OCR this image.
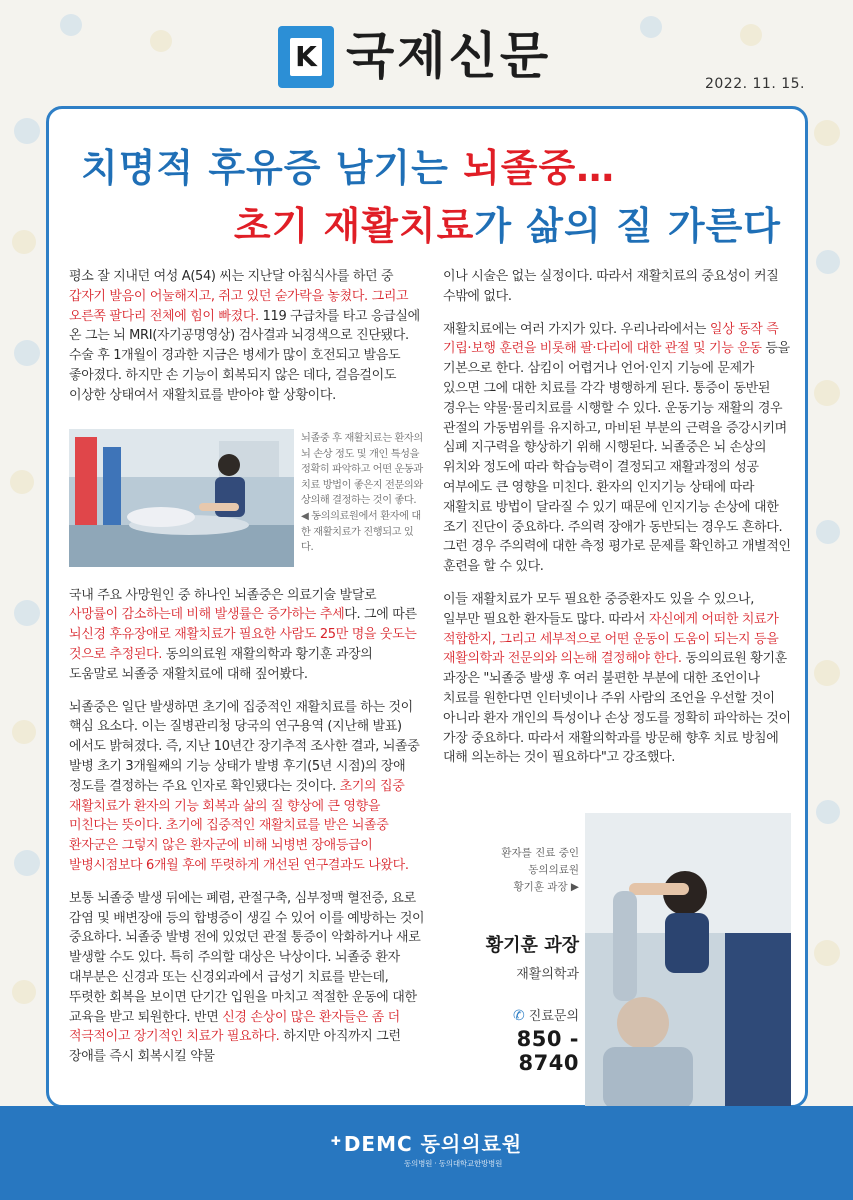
K 국제신문	2022. 11. 15.
치명적 후유증 남기는 뇌졸중…
초기 재활치료가 삶의 질 가른다

평소 잘 지내던 여성 A(54) 씨는 지난달 아침식사를 하던 중 갑자기 발음이 어눌해지고, 쥐고 있던 숟가락을 놓쳤다. 그리고 오른쪽 팔다리 전체에 힘이 빠졌다. 119 구급차를 타고 응급실에 온 그는 뇌 MRI(자기공명영상) 검사결과 뇌경색으로 진단됐다. 수술 후 1개월이 경과한 지금은 병세가 많이 호전되고 발음도 좋아졌다. 하지만 손 기능이 회복되지 않은 데다, 걸음걸이도 이상한 상태여서 재활치료를 받아야 할 상황이다.

국내 주요 사망원인 중 하나인 뇌졸중은 의료기술 발달로 사망률이 감소하는데 비해 발생률은 증가하는 추세다. 그에 따른 뇌신경 후유장애로 재활치료가 필요한 사람도 25만 명을 웃도는 것으로 추정된다. 동의의료원 재활의학과 황기훈 과장의 도움말로 뇌졸중 재활치료에 대해 짚어봤다.

뇌졸중은 일단 발생하면 초기에 집중적인 재활치료를 하는 것이 핵심 요소다. 이는 질병관리청 당국의 연구용역 (지난해 발표)에서도 밝혀졌다. 즉, 지난 10년간 장기추적 조사한 결과, 뇌졸중 발병 초기 3개월째의 기능 상태가 발병 후기(5년 시점)의 장애 정도를 결정하는 주요 인자로 확인됐다는 것이다. 초기의 집중 재활치료가 환자의 기능 회복과 삶의 질 향상에 큰 영향을 미친다는 뜻이다. 초기에 집중적인 재활치료를 받은 뇌졸중 환자군은 그렇지 않은 환자군에 비해 뇌병변 장애등급이 발병시점보다 6개월 후에 뚜렷하게 개선된 연구결과도 나왔다.

보통 뇌졸중 발생 뒤에는 폐렴, 관절구축, 심부정맥 혈전증, 요로 감염 및 배변장애 등의 합병증이 생길 수 있어 이를 예방하는 것이 중요하다. 뇌졸중 발병 전에 있었던 관절 통증이 악화하거나 새로 발생할 수도 있다. 특히 주의할 대상은 낙상이다. 뇌졸중 환자 대부분은 신경과 또는 신경외과에서 급성기 치료를 받는데, 뚜렷한 회복을 보이면 단기간 입원을 마치고 적절한 운동에 대한 교육을 받고 퇴원한다. 반면 신경 손상이 많은 환자들은 좀 더 적극적이고 장기적인 치료가 필요하다. 하지만 아직까지 그런 장애를 즉시 회복시킬 약물

뇌졸중 후 재활치료는 환자의 뇌 손상 정도 및 개인 특성을 정확히 파악하고 어떤 운동과 치료 방법이 좋은지 전문의와 상의해 결정하는 것이 좋다. ◀ 동의의료원에서 환자에 대한 재활치료가 진행되고 있다.

이나 시술은 없는 실정이다. 따라서 재활치료의 중요성이 커질 수밖에 없다.

재활치료에는 여러 가지가 있다. 우리나라에서는 일상 동작 즉 기립·보행 훈련을 비롯해 팔·다리에 대한 관절 및 기능 운동 등을 기본으로 한다. 삼킴이 어렵거나 언어·인지 기능에 문제가 있으면 그에 대한 치료를 각각 병행하게 된다. 통증이 동반된 경우는 약물·물리치료를 시행할 수 있다. 운동기능 재활의 경우 관절의 가동범위를 유지하고, 마비된 부분의 근력을 증강시키며 심폐 지구력을 향상하기 위해 시행된다. 뇌졸중은 뇌 손상의 위치와 정도에 따라 학습능력이 결정되고 재활과정의 성공 여부에도 큰 영향을 미친다. 환자의 인지기능 상태에 따라 재활치료 방법이 달라질 수 있기 때문에 인지기능 손상에 대한 조기 진단이 중요하다. 주의력 장애가 동반되는 경우도 흔하다. 그런 경우 주의력에 대한 측정 평가로 문제를 확인하고 개별적인 훈련을 할 수 있다.

이들 재활치료가 모두 필요한 중증환자도 있을 수 있으나, 일부만 필요한 환자들도 많다. 따라서 자신에게 어떠한 치료가 적합한지, 그리고 세부적으로 어떤 운동이 도움이 되는지 등을 재활의학과 전문의와 의논해 결정해야 한다. 동의의료원 황기훈 과장은 "뇌졸중 발생 후 여러 불편한 부분에 대한 조언이나 치료를 원한다면 인터넷이나 주위 사람의 조언을 우선할 것이 아니라 환자 개인의 특성이나 손상 정도를 정확히 파악하는 것이 가장 중요하다. 따라서 재활의학과를 방문해 향후 치료 방침에 대해 의논하는 것이 필요하다"고 강조했다.

환자를 진료 중인
동의의료원
황기훈 과장 ▶
황기훈 과장
재활의학과
✆ 진료문의
850 - 8740
✚ DEMC 동의의료원
동의병원 · 동의대학교한방병원
